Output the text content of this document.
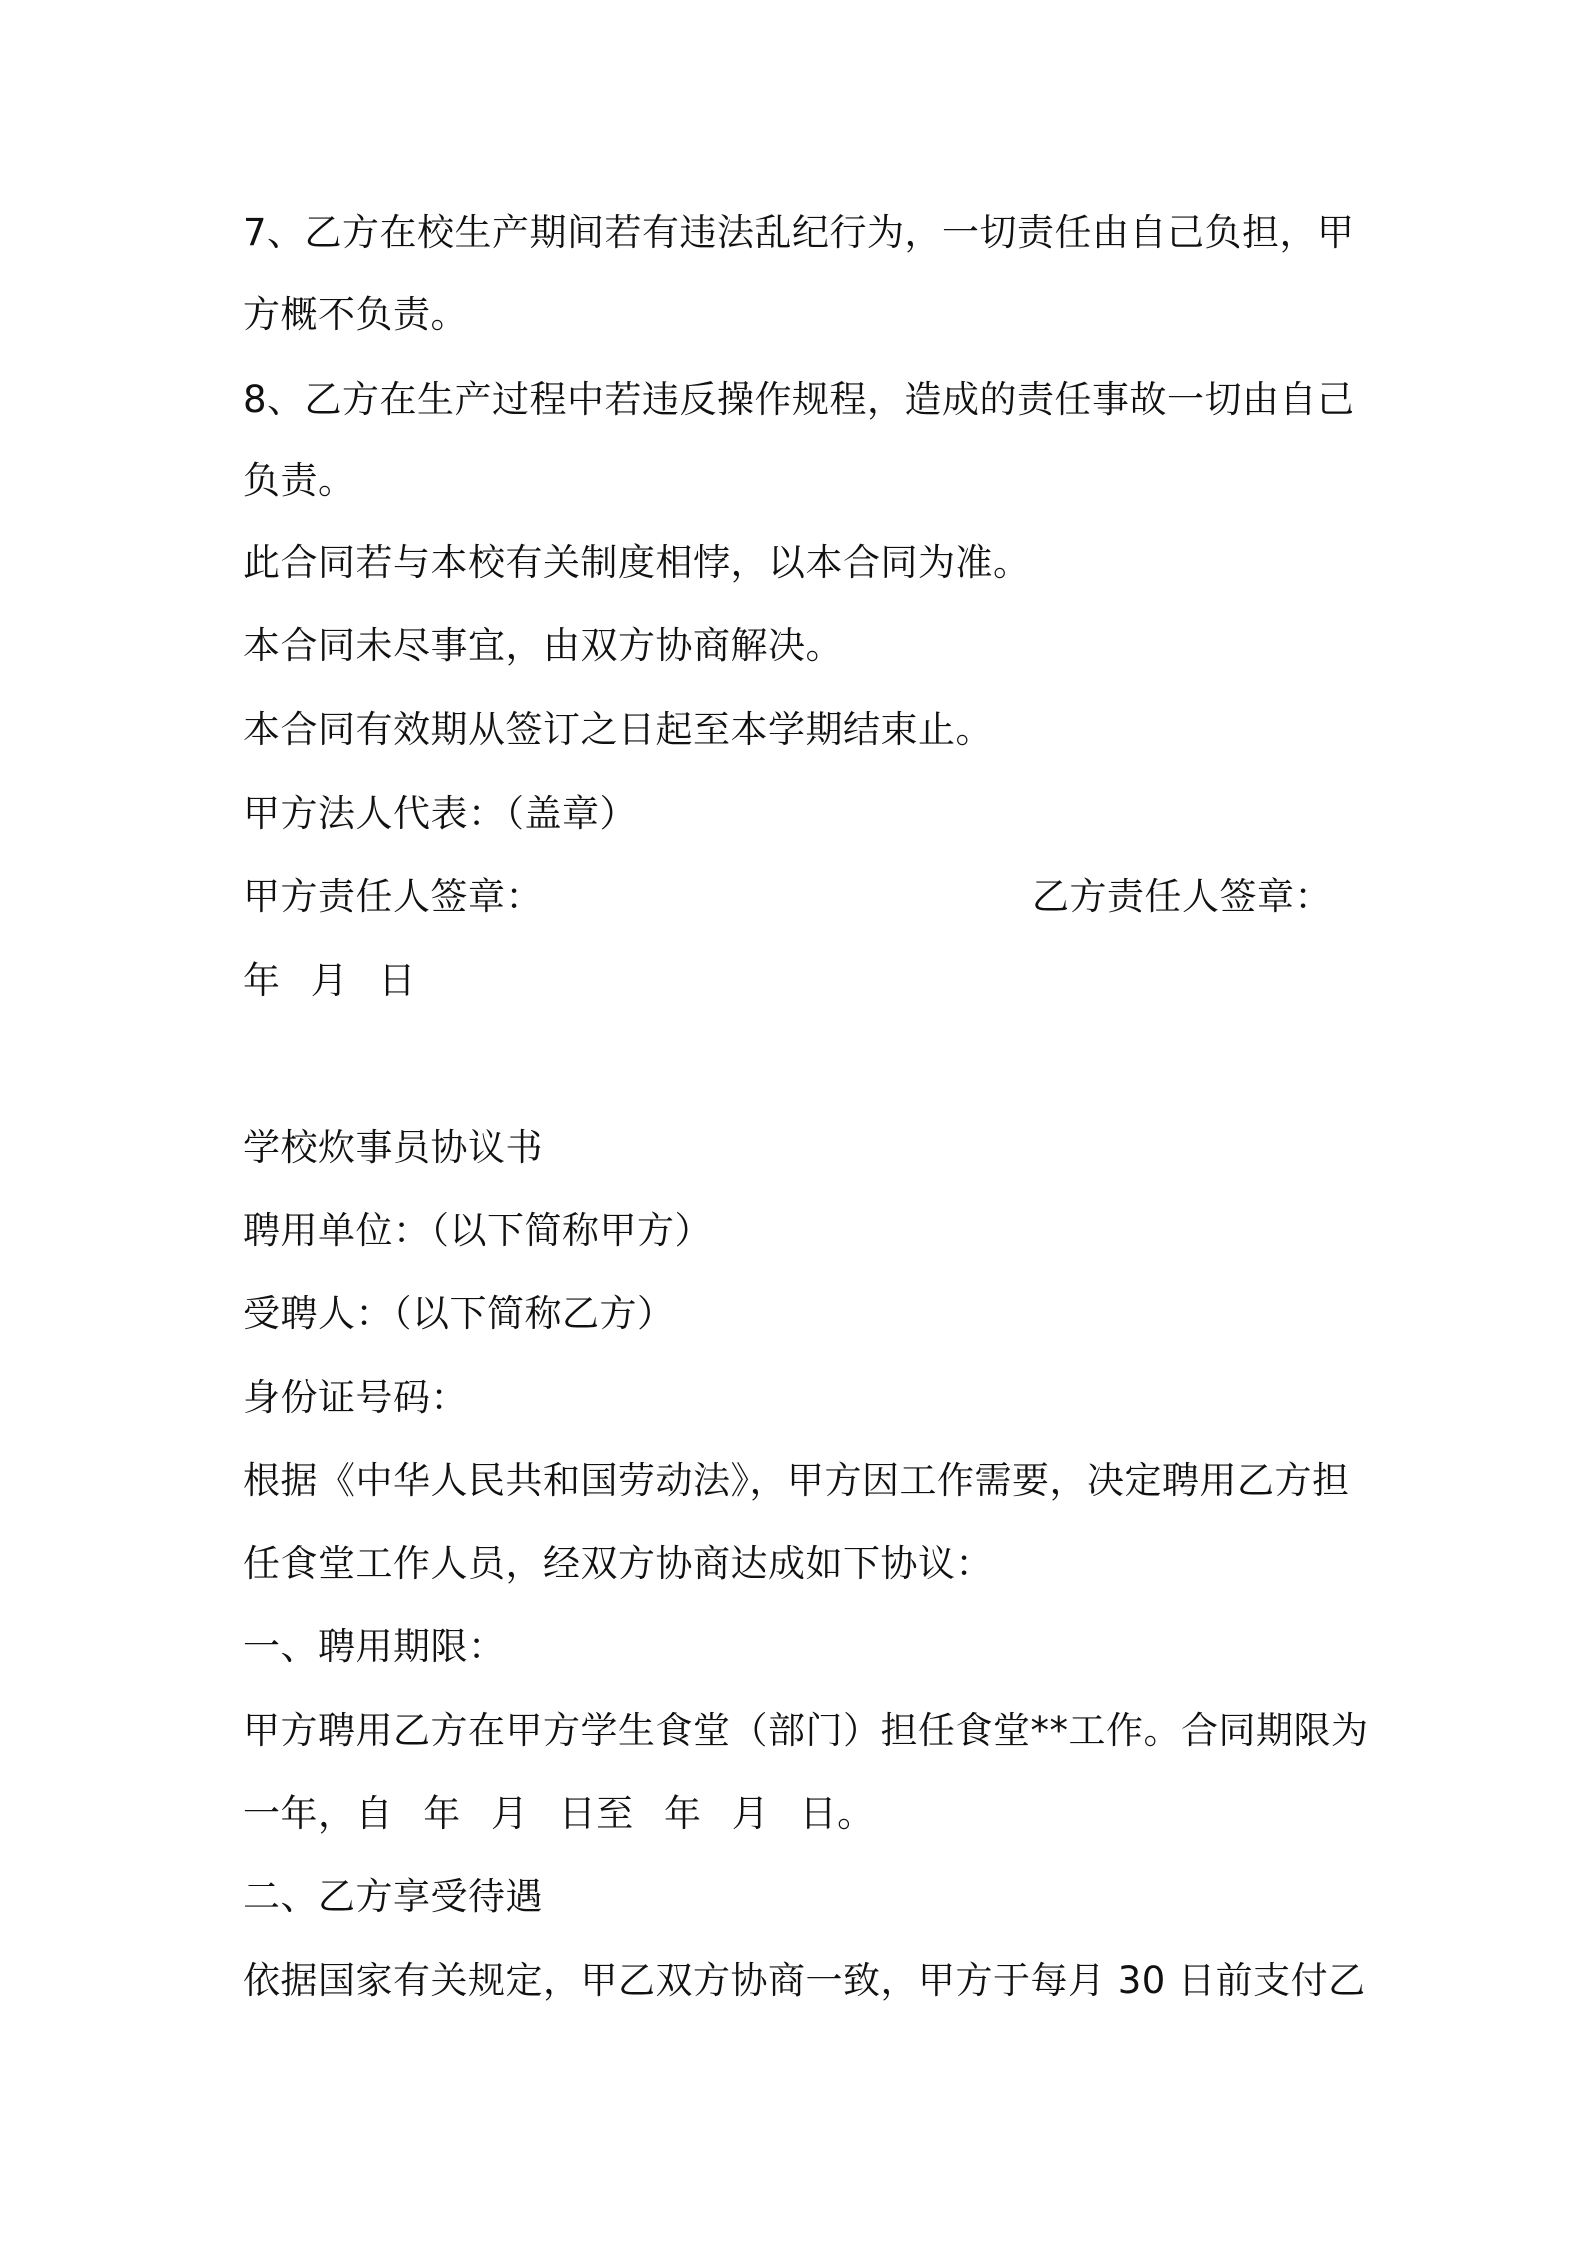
7、乙方在校生产期间若有违法乱纪行为，一切责任由自己负担，甲

方概不负责。

8、乙方在生产过程中若违反操作规程，造成的责任事故一切由自己

负责。

此合同若与本校有关制度相悖，以本合同为准。

本合同未尽事宜，由双方协商解决。

本合同有效期从签订之日起至本学期结束止。

甲方法人代表：（盖章）

甲方责任人签章：	乙方责任人签章：

年 月 日

学校炊事员协议书

聘用单位：（以下简称甲方）

受聘人：（以下简称乙方）

身份证号码：

根据《中华人民共和国劳动法》，甲方因工作需要，决定聘用乙方担

任食堂工作人员，经双方协商达成如下协议：

一、聘用期限：

甲方聘用乙方在甲方学生食堂（部门）担任食堂**工作。合同期限为

一年，自 年 月 日至 年 月 日。

二、乙方享受待遇

依据国家有关规定，甲乙双方协商一致，甲方于每月 30 日前支付乙
